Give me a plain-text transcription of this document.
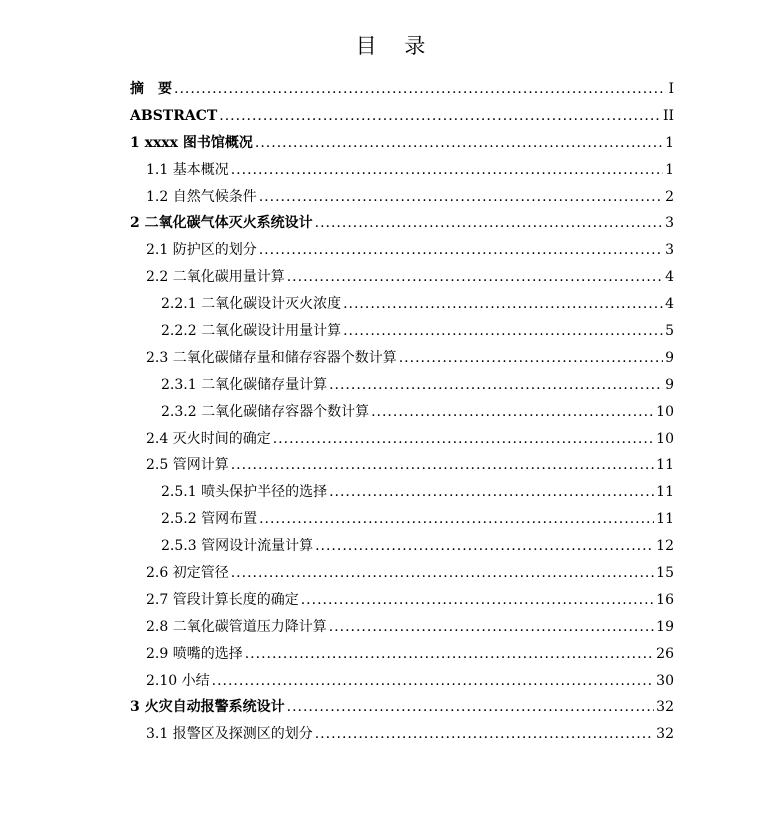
目 录
摘　要 .....	I
ABSTRACT .....	II
1 xxxx 图书馆概况 .....	1
1.1 基本概况 .....	1
1.2 自然气候条件 .....	2
2 二氧化碳气体灭火系统设计 .....	3
2.1 防护区的划分 .....	3
2.2 二氧化碳用量计算 .....	4
2.2.1 二氧化碳设计灭火浓度 .....	4
2.2.2 二氧化碳设计用量计算 .....	5
2.3 二氧化碳储存量和储存容器个数计算 .....	9
2.3.1 二氧化碳储存量计算 .....	9
2.3.2 二氧化碳储存容器个数计算 .....	10
2.4 灭火时间的确定 .....	10
2.5 管网计算 .....	11
2.5.1 喷头保护半径的选择 .....	11
2.5.2 管网布置 .....	11
2.5.3 管网设计流量计算 .....	12
2.6 初定管径 .....	15
2.7 管段计算长度的确定 .....	16
2.8 二氧化碳管道压力降计算 .....	19
2.9 喷嘴的选择 .....	26
2.10 小结 .....	30
3 火灾自动报警系统设计 .....	32
3.1 报警区及探测区的划分 .....	32
